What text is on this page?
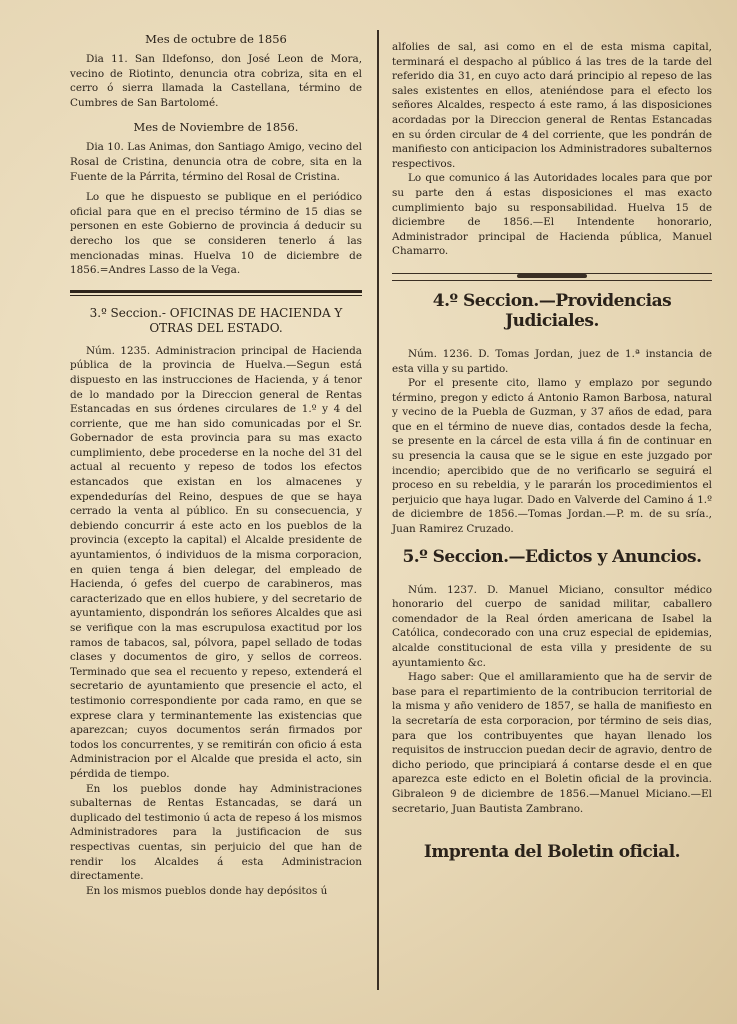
Mes de octubre de 1856

Dia 11. San Ildefonso, don José Leon de Mora, vecino de Riotinto, denuncia otra cobriza, sita en el cerro ó sierra llamada la Castellana, término de Cumbres de San Bartolomé.

Mes de Noviembre de 1856.

Dia 10. Las Animas, don Santiago Amigo, vecino del Rosal de Cristina, denuncia otra de cobre, sita en la Fuente de la Párrita, término del Rosal de Cristina.

Lo que he dispuesto se publique en el periódico oficial para que en el preciso término de 15 dias se personen en este Gobierno de provincia á deducir su derecho los que se consideren tenerlo á las mencionadas minas. Huelva 10 de diciembre de 1856.=Andres Lasso de la Vega.

3.º Seccion.- OFICINAS DE HACIENDA Y OTRAS DEL ESTADO.

Núm. 1235. Administracion principal de Hacienda pública de la provincia de Huelva.—Segun está dispuesto en las instrucciones de Hacienda, y á tenor de lo mandado por la Direccion general de Rentas Estancadas en sus órdenes circulares de 1.º y 4 del corriente, que me han sido comunicadas por el Sr. Gobernador de esta provincia para su mas exacto cumplimiento, debe procederse en la noche del 31 del actual al recuento y repeso de todos los efectos estancados que existan en los almacenes y expendedurías del Reino, despues de que se haya cerrado la venta al público. En su consecuencia, y debiendo concurrir á este acto en los pueblos de la provincia (excepto la capital) el Alcalde presidente de ayuntamientos, ó individuos de la misma corporacion, en quien tenga á bien delegar, del empleado de Hacienda, ó gefes del cuerpo de carabineros, mas caracterizado que en ellos hubiere, y del secretario de ayuntamiento, dispondrán los señores Alcaldes que asi se verifique con la mas escrupulosa exactitud por los ramos de tabacos, sal, pólvora, papel sellado de todas clases y documentos de giro, y sellos de correos. Terminado que sea el recuento y repeso, extenderá el secretario de ayuntamiento que presencie el acto, el testimonio correspondiente por cada ramo, en que se exprese clara y terminantemente las existencias que aparezcan; cuyos documentos serán firmados por todos los concurrentes, y se remitirán con oficio á esta Administracion por el Alcalde que presida el acto, sin pérdida de tiempo.

En los pueblos donde hay Administraciones subalternas de Rentas Estancadas, se dará un duplicado del testimonio ú acta de repeso á los mismos Administradores para la justificacion de sus respectivas cuentas, sin perjuicio del que han de rendir los Alcaldes á esta Administracion directamente.

En los mismos pueblos donde hay depósitos ú

alfolies de sal, asi como en el de esta misma capital, terminará el despacho al público á las tres de la tarde del referido dia 31, en cuyo acto dará principio al repeso de las sales existentes en ellos, ateniéndose para el efecto los señores Alcaldes, respecto á este ramo, á las disposiciones acordadas por la Direccion general de Rentas Estancadas en su órden circular de 4 del corriente, que les pondrán de manifiesto con anticipacion los Administradores subalternos respectivos.

Lo que comunico á las Autoridades locales para que por su parte den á estas disposiciones el mas exacto cumplimiento bajo su responsabilidad. Huelva 15 de diciembre de 1856.—El Intendente honorario, Administrador principal de Hacienda pública, Manuel Chamarro.

4.º Seccion.—Providencias Judiciales.

Núm. 1236. D. Tomas Jordan, juez de 1.ª instancia de esta villa y su partido.

Por el presente cito, llamo y emplazo por segundo término, pregon y edicto á Antonio Ramon Barbosa, natural y vecino de la Puebla de Guzman, y 37 años de edad, para que en el término de nueve dias, contados desde la fecha, se presente en la cárcel de esta villa á fin de continuar en su presencia la causa que se le sigue en este juzgado por incendio; apercibido que de no verificarlo se seguirá el proceso en su rebeldia, y le pararán los procedimientos el perjuicio que haya lugar. Dado en Valverde del Camino á 1.º de diciembre de 1856.—Tomas Jordan.—P. m. de su sría., Juan Ramirez Cruzado.

5.º Seccion.—Edictos y Anuncios.

Núm. 1237. D. Manuel Miciano, consultor médico honorario del cuerpo de sanidad militar, caballero comendador de la Real órden americana de Isabel la Católica, condecorado con una cruz especial de epidemias, alcalde constitucional de esta villa y presidente de su ayuntamiento &c.

Hago saber: Que el amillaramiento que ha de servir de base para el repartimiento de la contribucion territorial de la misma y año venidero de 1857, se halla de manifiesto en la secretaría de esta corporacion, por término de seis dias, para que los contribuyentes que hayan llenado los requisitos de instruccion puedan decir de agravio, dentro de dicho periodo, que principiará á contarse desde el en que aparezca este edicto en el Boletin oficial de la provincia. Gibraleon 9 de diciembre de 1856.—Manuel Miciano.—El secretario, Juan Bautista Zambrano.

Imprenta del Boletin oficial.
